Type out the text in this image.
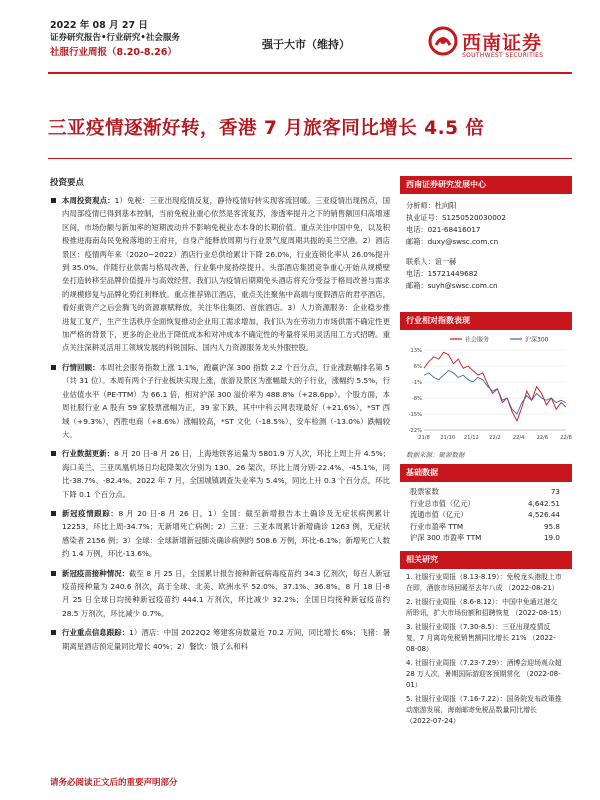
2022 年 08 月 27 日
证券研究报告•行业研究•社会服务
社服行业周报（8.20-8.26）
强于大市（维持）	西南证券
SOUTHWEST SECURITIES
三亚疫情逐渐好转，香港 7 月旅客同比增长 4.5 倍
投资要点
本周投资观点：1）免税：三亚出现疫情反复，静待疫情好转实现客流回暖。三亚疫情出现拐点，国内局部疫情已得到基本控制，当前免税业重心依然是客流复苏，渗透率提升之下的销售额回归高增速区间，市场份额与新加率的短期波动并不影响免税业态本身的长期价值。重点关注中国中免，以及积极推进海南岛民免税落地的王府井，自身产能释放周期与行业景气度周期共振的美兰空港。2）酒店景区：疫情两年来（2020~2022）酒店行业总供给累计下降 26.0%，行业连锁化率从 26.0%提升到 35.0%。伴随行业供需与格局改善，行业集中度持续提升。头部酒店集团竞争重心开始从规模壁垒打造转移至品牌价值提升与高效经营。我们认为疫情后期期免头酒店将充分受益于格局改善与需求的规模修复与品牌化势红利释放。重点推荐锦江酒店，重点关注聚焦中高端与度假酒店的君亭酒店，看好重资产之后会腾飞的资源禀赋释放，关注华住集团、首旅酒店。3）人力资源服务：企业稳步推进复工复产，生产生活秩序全面恢复推动企业用工需求增加，我们认为在劳动力市场供需不确定性更加严格的背景下，更多的企业出于降低成本和对冲成本不确定性的考量将采用灵活用工方式招聘。重点关注深耕灵活用工领域发展的科锐国际、国内人力资源服务龙头外服控股。
行情回顾：本周社会服务指数上涨 1.1%，跑赢沪深 300 指数 2.2 个百分点，行业涨跌幅排名第 5（共 31 位）。本周有两个子行业板块实现上涨，旅游及景区为涨幅最大的子行业，涨幅约 5.5%，行业估值水平（PE-TTM）为 66.1 倍，相对沪深 300 溢价率为 488.8%（+28.6pp）。个股方面，本周社服行业 A 股有 59 家股票涨幅为正，39 家下跌，其中中科云网表现最好（+21.6%），*ST 西域（+9.3%），西胜电商（+8.6%）涨幅较高，*ST 文化（-18.5%）、安车检测（-13.0%）跌幅较大。
行业数据更新：8 月 20 日-8 月 26 日，上海地铁客运量为 5801.9 万人次，环比上周上升 4.5%；海口美兰、三亚凤凰机场日均起降架次分别为 130、26 架次，环比上周分别-22.4%、-45.1%，同比-38.7%、-82.4%。2022 年 7 月，全国城镇调查失业率为 5.4%，同比上升 0.3 个百分点，环比下降 0.1 个百分点。
新冠疫情跟踪：8 月 20 日-8 月 26 日，1）全国：截至新增报告本土确诊及无症状病例累计 12253，环比上周-34.7%；无新增死亡病例；2）三亚：三亚本周累计新增确诊 1263 例，无症状感染者 2156 例；3）全球：全球新增新冠肺炎确诊病例约 508.6 万例，环比-6.1%；新增死亡人数约 1.4 万例，环比-13.6%。
新冠疫苗接种情况：截至 8 月 25 日，全国累计报告接种新冠病毒疫苗约 34.3 亿剂次，每百人新冠疫苗接种量为 240.6 剂次，高于全球、北美、欧洲水平 52.0%、37.1%、36.8%。8 月 18 日-8 月 25 日全球日均接种新冠疫苗约 444.1 万剂次，环比减少 32.2%；全国日均接种新冠疫苗约 28.5 万剂次，环比减少 0.7%。
行业重点信息跟踪：1）酒店：中国 2022Q2 筹建客房数量近 70.2 万间，同比增长 6%；飞猪：暑期离星酒店预定量同比增长 40%；2）餐饮：饿了么和科
西南证券研究发展中心
分析师：杜向阳
执业证号：S1250520030002
电话：021-68416017
邮箱：duxy@swsc.com.cn
联系人：谊一赫
电话：15721449682
邮箱：suyh@swsc.com.cn
行业相对指数表现
社会服务	沪深300
-22%
-15%
-8%
-1%
6%
13%
21/8 21/10 21/12 22/2 22/4 22/6 22/8
数据来源：聚源数据
基础数据
股票家数	73
行业总市值（亿元）	4,642.51
流通市值（亿元）	4,526.44
行业市盈率 TTM	95.8
沪深 300 市盈率 TTM	19.0
相关研究
1. 社服行业周报（8.13-8.19）：免税龙头港股上市在即，酒旅市场回暖至去年八成 （2022-08-21）
2. 社服行业周报（8.6-8.12）：中国中免通过港交所聆讯，扩大市场份额和招聘恢复 （2022-08-15）
3. 社服行业周报（7.30-8.5）：三亚出现疫情反复，7 月离岛免税销售额同比增长 21% （2022-08-08）
4. 社服行业周报（7.23-7.29）：酒博会迎场观众超 28 万人次，暑期国际游迎客预期常化 （2022-08-01）
5. 社服行业周报（7.16-7.22）：国务院发布政策推动旅游发展，海南邮寄免税品数量同比增长 （2022-07-24）
请务必阅读正文后的重要声明部分
